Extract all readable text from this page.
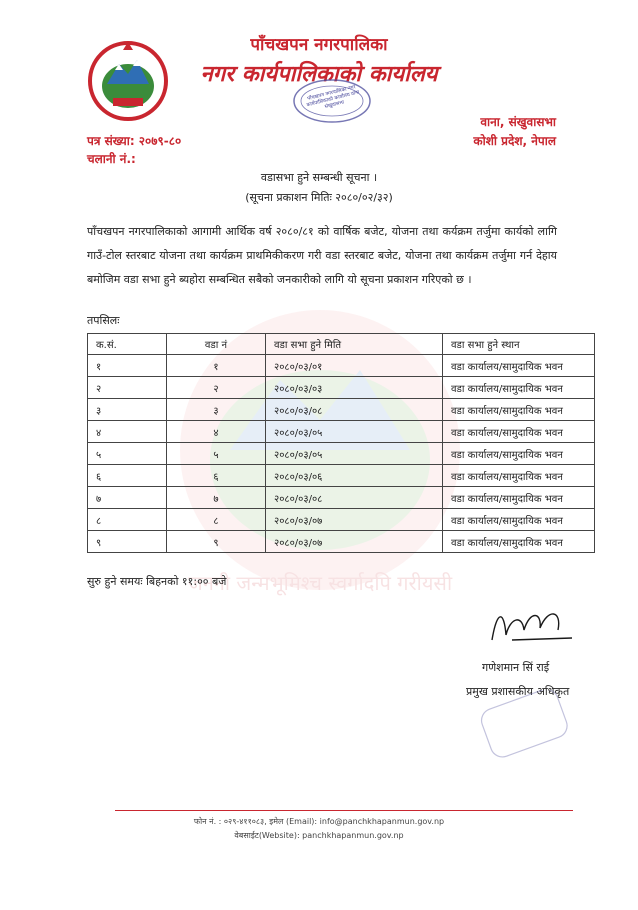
जननी जन्मभूमिश्च स्वर्गादपि गरीयसी
पाँचखपन नगरपालिका
नगर कार्यपालिकाको कार्यालय
पाँचखपन नगरपालिका नगर कार्यपालिकाको कार्यालय वाना संखुवासभा
वाना, संखुवासभा
कोशी प्रदेश, नेपाल
पत्र संख्या: २०७९-८०
चलानी नं.:
वडासभा हुने सम्बन्धी सूचना ।
(सूचना प्रकाशन मितिः २०८०/०२/३२)
पाँचखपन नगरपालिकाको आगामी आर्थिक वर्ष २०८०/८१ को वार्षिक बजेट, योजना तथा कर्यक्रम तर्जुमा कार्यको लागि गाउँ-टोल स्तरबाट योजना तथा कार्यक्रम प्राथमिकीकरण गरी वडा स्तरबाट बजेट, योजना तथा कार्यक्रम तर्जुमा गर्न देहाय बमोजिम वडा सभा हुने ब्यहोरा सम्बन्धित सबैको जनकारीको लागि यो सूचना प्रकाशन गरिएको छ ।
तपसिलः
क.सं.	वडा नं	वडा सभा हुने मिति	वडा सभा हुने स्थान
१	१	२०८०/०३/०१	वडा कार्यालय/सामुदायिक भवन
२	२	२०८०/०३/०३	वडा कार्यालय/सामुदायिक भवन
३	३	२०८०/०३/०८	वडा कार्यालय/सामुदायिक भवन
४	४	२०८०/०३/०५	वडा कार्यालय/सामुदायिक भवन
५	५	२०८०/०३/०५	वडा कार्यालय/सामुदायिक भवन
६	६	२०८०/०३/०६	वडा कार्यालय/सामुदायिक भवन
७	७	२०८०/०३/०८	वडा कार्यालय/सामुदायिक भवन
८	८	२०८०/०३/०७	वडा कार्यालय/सामुदायिक भवन
९	९	२०८०/०३/०७	वडा कार्यालय/सामुदायिक भवन
सुरु हुने समयः बिहनको ११:०० बजे
गणेशमान सिं राई
प्रमुख प्रशासकीय अधिकृत
फोन नं. : ०२९-४११०८३, इमेल (Email): info@panchkhapanmun.gov.np
वेबसाईट(Website): panchkhapanmun.gov.np
